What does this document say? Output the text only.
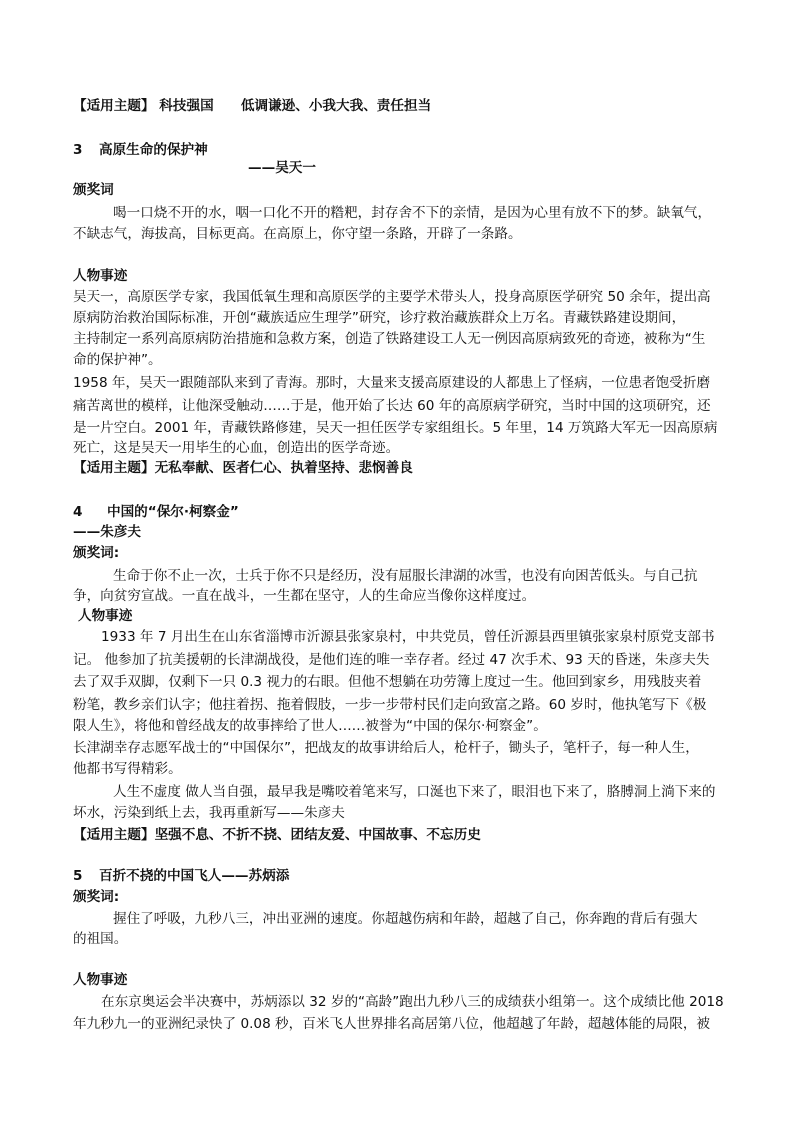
【适用主题】 科技强国　　低调谦逊、小我大我、责任担当
3 高原生命的保护神
——吴天一
颁奖词
喝一口烧不开的水，咽一口化不开的糌粑，封存舍不下的亲情，是因为心里有放不下的梦。缺氧气，
不缺志气，海拔高，目标更高。在高原上，你守望一条路，开辟了一条路。
人物事迹
吴天一，高原医学专家，我国低氧生理和高原医学的主要学术带头人，投身高原医学研究 50 余年，提出高
原病防治救治国际标准，开创“藏族适应生理学”研究，诊疗救治藏族群众上万名。青藏铁路建设期间，
主持制定一系列高原病防治措施和急救方案，创造了铁路建设工人无一例因高原病致死的奇迹，被称为“生
命的保护神”。
1958 年，吴天一跟随部队来到了青海。那时，大量来支援高原建设的人都患上了怪病，一位患者饱受折磨
痛苦离世的模样，让他深受触动……于是，他开始了长达 60 年的高原病学研究，当时中国的这项研究，还
是一片空白。2001 年，青藏铁路修建，吴天一担任医学专家组组长。5 年里，14 万筑路大军无一因高原病
死亡，这是吴天一用毕生的心血，创造出的医学奇迹。
【适用主题】无私奉献、医者仁心、执着坚持、悲悯善良
4 中国的“保尔·柯察金”
——朱彦夫
颁奖词:
生命于你不止一次，士兵于你不只是经历，没有屈服长津湖的冰雪，也没有向困苦低头。与自己抗
争，向贫穷宣战。一直在战斗，一生都在坚守，人的生命应当像你这样度过。
人物事迹
1933 年 7 月出生在山东省淄博市沂源县张家泉村，中共党员，曾任沂源县西里镇张家泉村原党支部书
记。 他参加了抗美援朝的长津湖战役，是他们连的唯一幸存者。经过 47 次手术、93 天的昏迷，朱彦夫失
去了双手双脚，仅剩下一只 0.3 视力的右眼。但他不想躺在功劳簿上度过一生。他回到家乡，用残肢夹着
粉笔，教乡亲们认字；他拄着拐、拖着假肢，一步一步带村民们走向致富之路。60 岁时，他执笔写下《极
限人生》，将他和曾经战友的故事摔给了世人……被誉为“中国的保尔·柯察金”。
长津湖幸存志愿军战士的“中国保尔”，把战友的故事讲给后人，枪杆子，锄头子，笔杆子，每一种人生，
他都书写得精彩。
人生不虚度 做人当自强，最早我是嘴咬着笔来写，口涎也下来了，眼泪也下来了，胳膊洞上淌下来的
坏水，污染到纸上去，我再重新写——朱彦夫
【适用主题】坚强不息、不折不挠、团结友爱、中国故事、不忘历史
5 百折不挠的中国飞人——苏炳添
颁奖词:
握住了呼吸，九秒八三，冲出亚洲的速度。你超越伤病和年龄，超越了自己，你奔跑的背后有强大
的祖国。
人物事迹
在东京奥运会半决赛中，苏炳添以 32 岁的“高龄”跑出九秒八三的成绩获小组第一。这个成绩比他 2018
年九秒九一的亚洲纪录快了 0.08 秒，百米飞人世界排名高居第八位，他超越了年龄，超越体能的局限，被
